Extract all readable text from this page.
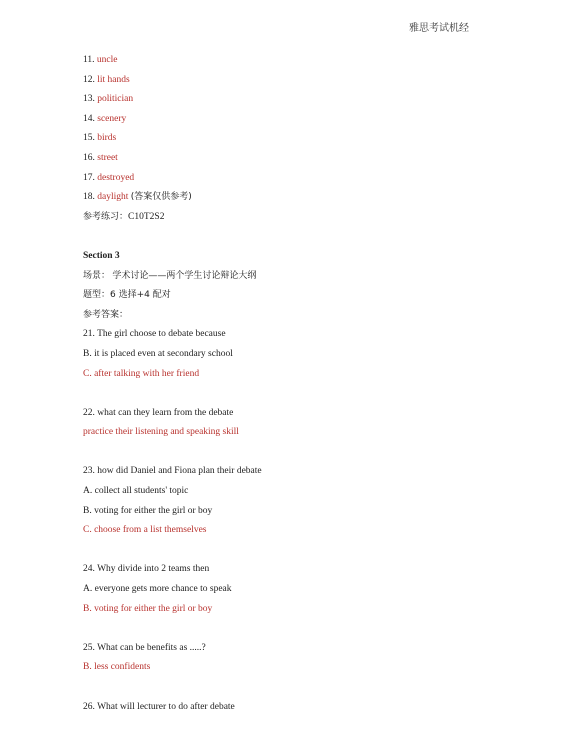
雅思考试机经
11. uncle
12. lit hands
13. politician
14. scenery
15. birds
16. street
17. destroyed
18. daylight (答案仅供参考)
参考练习：C10T2S2
Section 3
场景： 学术讨论——两个学生讨论辩论大纲
题型：6 选择+4 配对
参考答案：
21. The girl choose to debate because
B. it is placed even at secondary school
C. after talking with her friend
22. what can they learn from the debate
practice their listening and speaking skill
23. how did Daniel and Fiona plan their debate
A. collect all students' topic
B. voting for either the girl or boy
C. choose from a list themselves
24. Why divide into 2 teams then
A. everyone gets more chance to speak
B. voting for either the girl or boy
25. What can be benefits as .....?
B. less confidents
26. What will lecturer to do after debate
